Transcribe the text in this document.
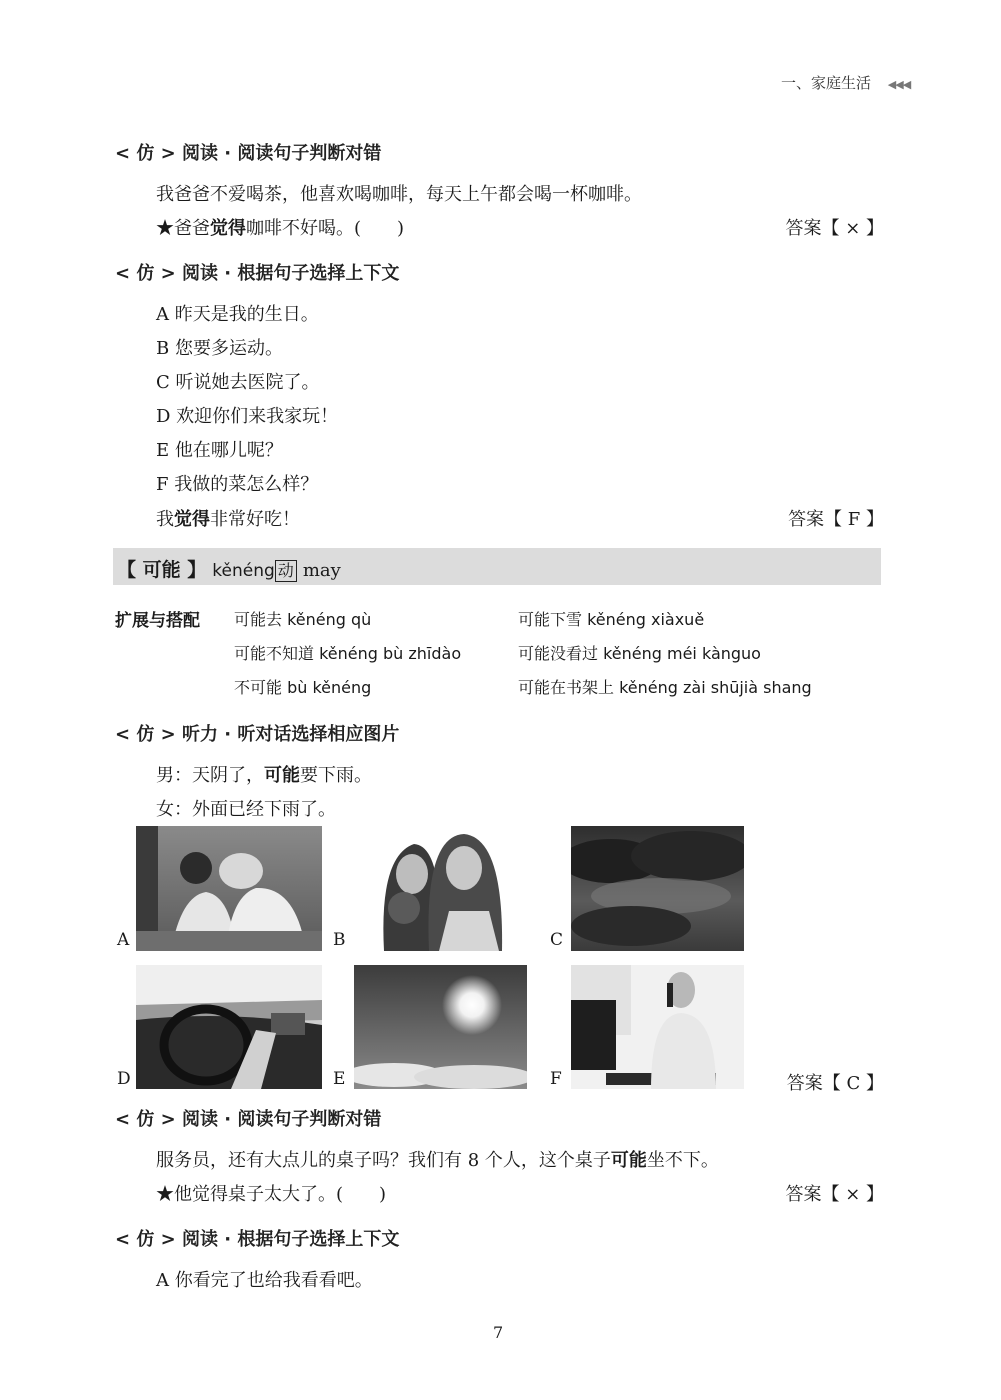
一、家庭生活 ◀◀◀
< 仿 > 阅读 · 阅读句子判断对错
我爸爸不爱喝茶，他喜欢喝咖啡，每天上午都会喝一杯咖啡。
★爸爸觉得咖啡不好喝。(　　)	答案【 × 】
< 仿 > 阅读 · 根据句子选择上下文
A 昨天是我的生日。
B 您要多运动。
C 听说她去医院了。
D 欢迎你们来我家玩！
E 他在哪儿呢？
F 我做的菜怎么样？
我觉得非常好吃！	答案【 F 】
【 可能 】 kěnéng 动 may
扩展与搭配 可能去 kěnéng qù	可能下雪 kěnéng xiàxuě
可能不知道 kěnéng bù zhīdào	可能没看过 kěnéng méi kànguo
不可能 bù kěnéng	可能在书架上 kěnéng zài shūjià shang
< 仿 > 听力 · 听对话选择相应图片
男：天阴了，可能要下雨。
女：外面已经下雨了。
A	B	C
D	E	F	答案【 C 】
< 仿 > 阅读 · 阅读句子判断对错
服务员，还有大点儿的桌子吗？我们有 8 个人，这个桌子可能坐不下。
★他觉得桌子太大了。(　　)	答案【 × 】
< 仿 > 阅读 · 根据句子选择上下文
A 你看完了也给我看看吧。
7
